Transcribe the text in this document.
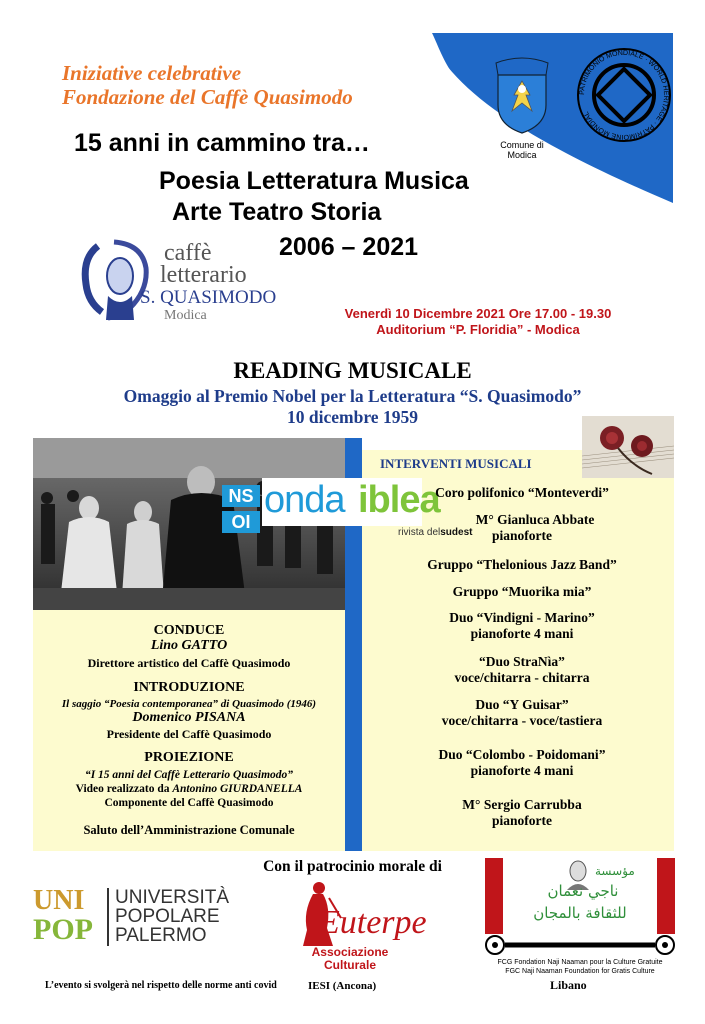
Iniziative celebrative
Fondazione del Caffè Quasimodo
15 anni in cammino tra…
Poesia Letteratura Musica
Arte Teatro Storia
2006 – 2021
Comune di Modica
PATRIMONIO MONDIALE · WORLD HERITAGE · PATRIMOINE MONDIAL
caffè
letterario
S. QUASIMODO
Modica	Venerdì 10 Dicembre 2021 Ore 17.00 - 19.30
Auditorium “P. Floridia” - Modica
READING MUSICALE
Omaggio al Premio Nobel per la Letteratura “S. Quasimodo”
10 dicembre 1959
NS
OI
onda iblea
rivista delsudest
CONDUCE
Lino GATTO
Direttore artistico del Caffè Quasimodo
INTRODUZIONE
Il saggio “Poesia contemporanea” di Quasimodo (1946)
Domenico PISANA
Presidente del Caffè Quasimodo
PROIEZIONE
“I 15 anni del Caffè Letterario Quasimodo”
Video realizzato da Antonino GIURDANELLA
Componente del Caffè Quasimodo
Saluto dell’Amministrazione Comunale
INTERVENTI MUSICALI
Coro polifonico “Monteverdi”
M° Gianluca Abbate
pianoforte
Gruppo “Thelonious Jazz Band”
Gruppo “Muorika mia”
Duo “Vindigni - Marino”
pianoforte 4 mani
“Duo StraNìa”
voce/chitarra - chitarra
Duo “Y Guisar”
voce/chitarra - voce/tastiera
Duo “Colombo - Poidomani”
pianoforte 4 mani
M° Sergio Carrubba
pianoforte
Con il patrocinio morale di
UNI
POP
UNIVERSITÀ
POPOLARE
PALERMO	Euterpe
Associazione
Culturale
IESI (Ancona)
مؤسسة
ناجي نعمان
للثقافة بالمجان
FCG Fondation Naji Naaman pour la Culture Gratuite
FGC Naji Naaman Foundation for Gratis Culture
Libano
L’evento si svolgerà nel rispetto delle norme anti covid
